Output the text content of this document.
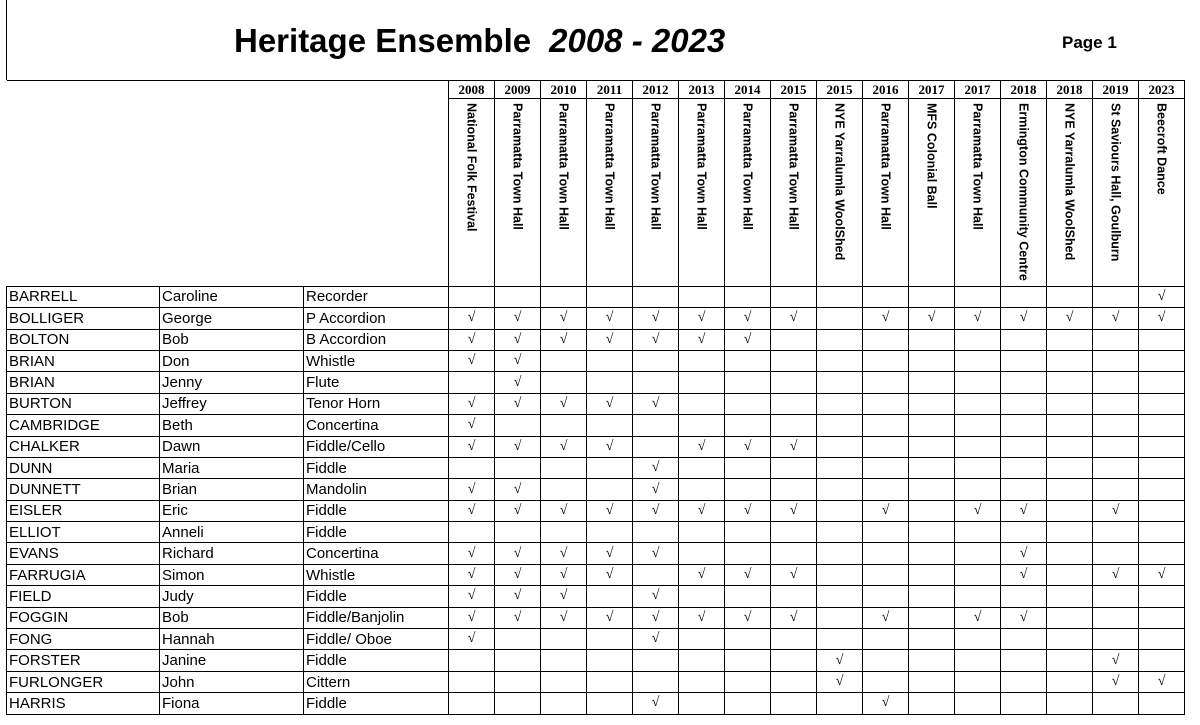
Heritage Ensemble 2008 - 2023	Page 1
			2008	2009	2010	2011	2012	2013	2014	2015	2015	2016	2017	2017	2018	2018	2019	2023
			National Folk Festival	Parramatta Town Hall	Parramatta Town Hall	Parramatta Town Hall	Parramatta Town Hall	Parramatta Town Hall	Parramatta Town Hall	Parramatta Town Hall	NYE Yarralumla WoolShed	Parramatta Town Hall	MFS Colonial Ball	Parramatta Town Hall	Ermington Community Centre	NYE Yarralumla WoolShed	St Saviours Hall, Goulburn	Beecroft Dance
BARRELL	Caroline	Recorder																√
BOLLIGER	George	P Accordion	√	√	√	√	√	√	√	√		√	√	√	√	√	√	√
BOLTON	Bob	B Accordion	√	√	√	√	√	√	√									
BRIAN	Don	Whistle	√	√														
BRIAN	Jenny	Flute		√														
BURTON	Jeffrey	Tenor Horn	√	√	√	√	√											
CAMBRIDGE	Beth	Concertina	√															
CHALKER	Dawn	Fiddle/Cello	√	√	√	√		√	√	√								
DUNN	Maria	Fiddle					√											
DUNNETT	Brian	Mandolin	√	√			√											
EISLER	Eric	Fiddle	√	√	√	√	√	√	√	√		√		√	√		√	
ELLIOT	Anneli	Fiddle																
EVANS	Richard	Concertina	√	√	√	√	√								√			
FARRUGIA	Simon	Whistle	√	√	√	√		√	√	√					√		√	√
FIELD	Judy	Fiddle	√	√	√		√											
FOGGIN	Bob	Fiddle/Banjolin	√	√	√	√	√	√	√	√		√		√	√			
FONG	Hannah	Fiddle/ Oboe	√				√											
FORSTER	Janine	Fiddle									√						√	
FURLONGER	John	Cittern									√						√	√
HARRIS	Fiona	Fiddle					√					√						
